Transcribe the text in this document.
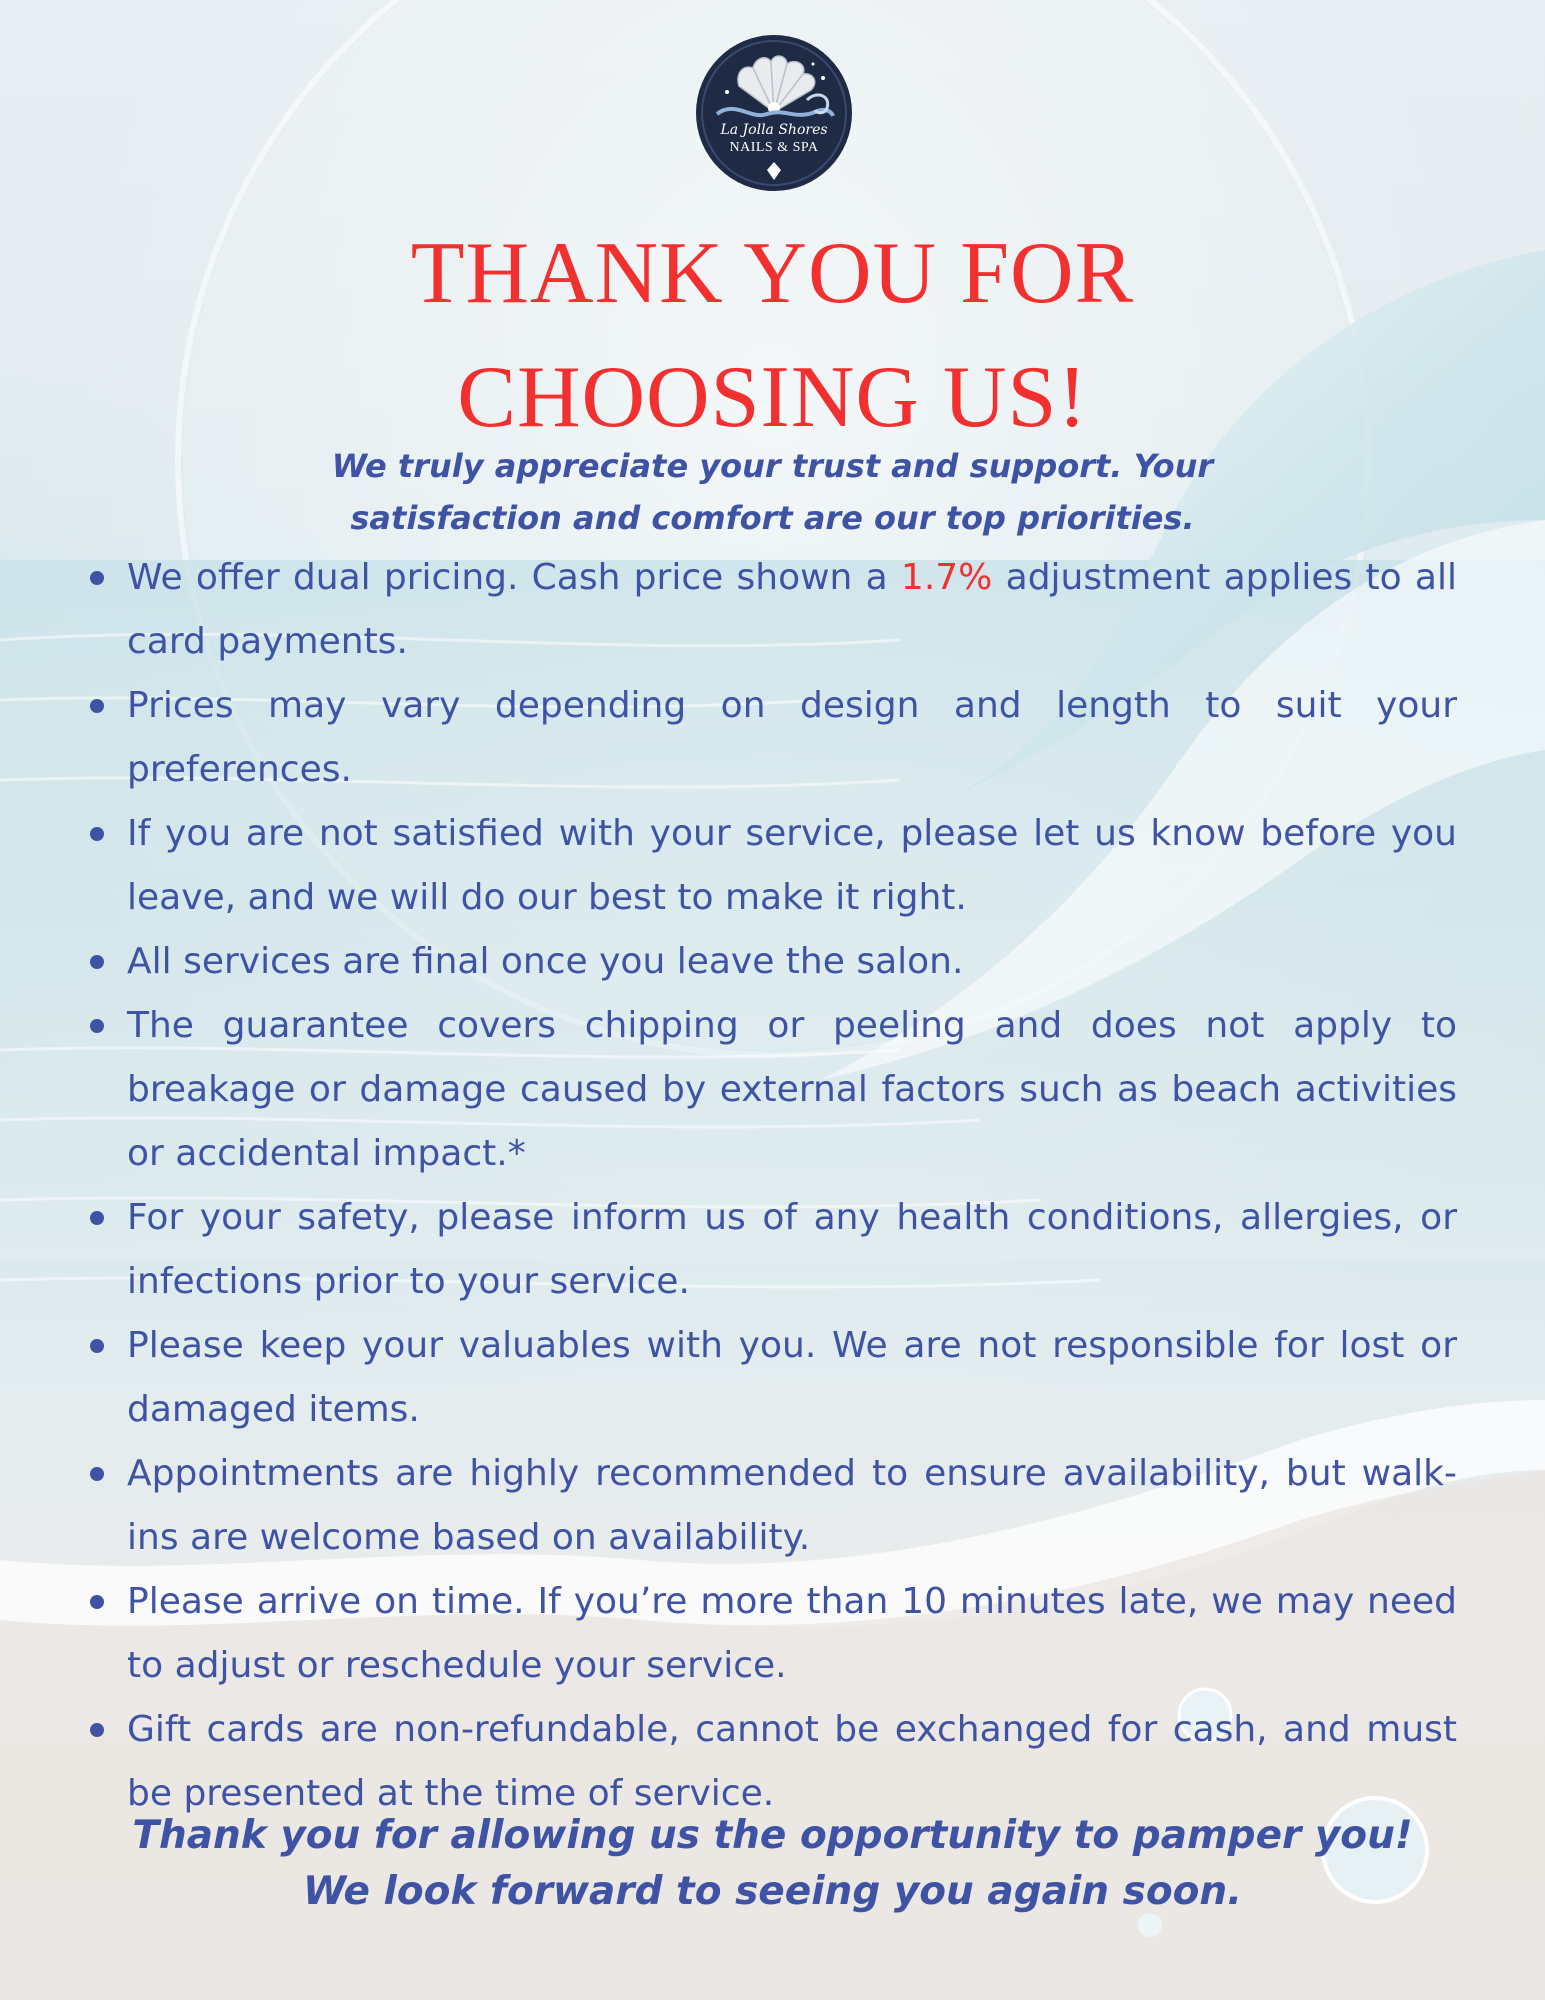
La Jolla Shores
NAILS & SPA
THANK YOU FOR
CHOOSING US!
We truly appreciate your trust and support. Your
satisfaction and comfort are our top priorities.
We offer dual pricing. Cash price shown a 1.7% adjustment applies to all card payments.
Prices may vary depending on design and length to suit your preferences.
If you are not satisfied with your service, please let us know before you leave, and we will do our best to make it right.
All services are final once you leave the salon.
The guarantee covers chipping or peeling and does not apply to breakage or damage caused by external factors such as beach activities or accidental impact.*
For your safety, please inform us of any health conditions, allergies, or infections prior to your service.
Please keep your valuables with you. We are not responsible for lost or damaged items.
Appointments are highly recommended to ensure availability, but walk-ins are welcome based on availability.
Please arrive on time. If you’re more than 10 minutes late, we may need to adjust or reschedule your service.
Gift cards are non-refundable, cannot be exchanged for cash, and must be presented at the time of service.
Thank you for allowing us the opportunity to pamper you!
We look forward to seeing you again soon.
